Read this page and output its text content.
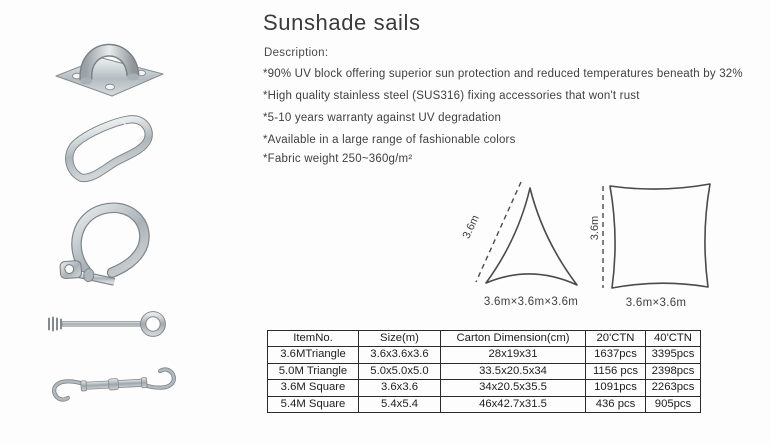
Sunshade sails
Description:
*90% UV block offering superior sun protection and reduced temperatures beneath by 32%
*High quality stainless steel (SUS316) fixing accessories that won't rust
*5-10 years warranty against UV degradation
*Available in a large range of fashionable colors
*Fabric weight 250~360g/m²
3.6m
3.6m×3.6m×3.6m
3.6m
3.6m×3.6m
ItemNo.	Size(m)	Carton Dimension(cm)	20'CTN	40'CTN
3.6MTriangle	3.6x3.6x3.6	28x19x31	1637pcs	3395pcs
5.0M Triangle	5.0x5.0x5.0	33.5x20.5x34	1156 pcs	2398pcs
3.6M Square	3.6x3.6	34x20.5x35.5	1091pcs	2263pcs
5.4M Square	5.4x5.4	46x42.7x31.5	436 pcs	905pcs
